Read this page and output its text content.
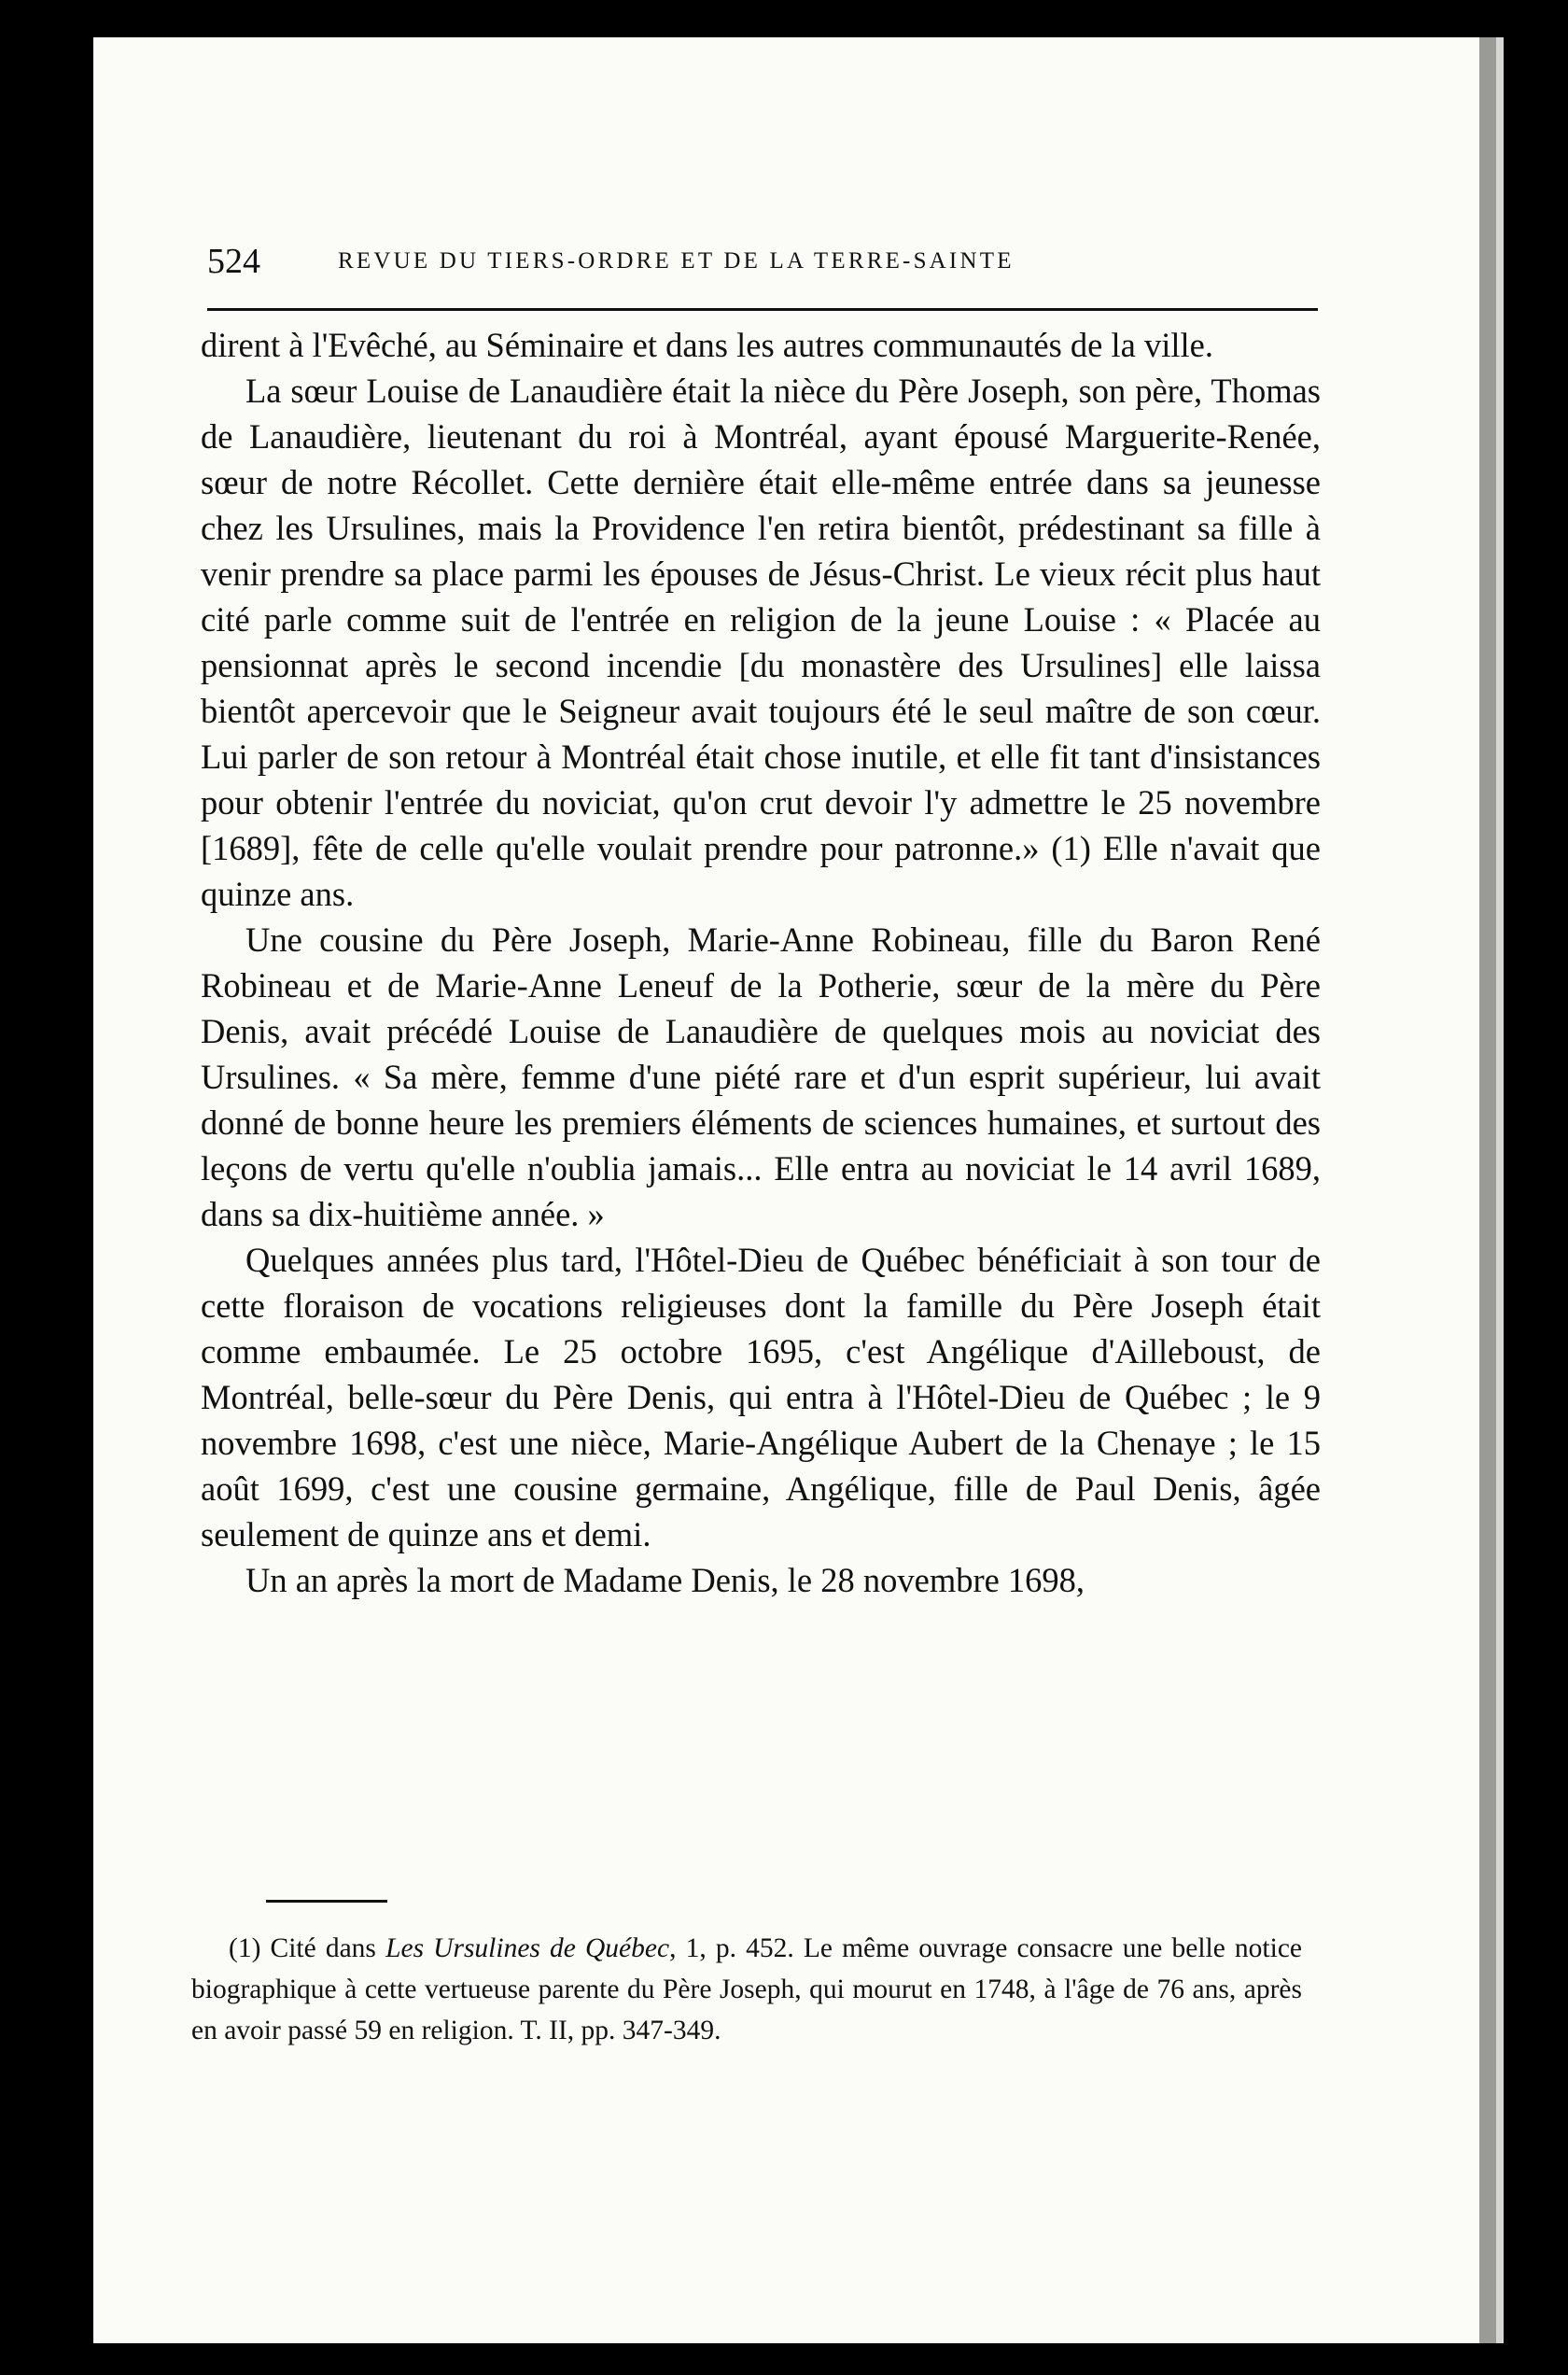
524	REVUE DU TIERS-ORDRE ET DE LA TERRE-SAINTE

dirent à l'Evêché, au Séminaire et dans les autres communautés de la ville.

La sœur Louise de Lanaudière était la nièce du Père Joseph, son père, Thomas de Lanaudière, lieutenant du roi à Montréal, ayant épousé Marguerite-Renée, sœur de notre Récollet. Cette dernière était elle-même entrée dans sa jeunesse chez les Ursulines, mais la Providence l'en retira bientôt, prédestinant sa fille à venir prendre sa place parmi les épouses de Jésus-Christ. Le vieux récit plus haut cité parle comme suit de l'entrée en religion de la jeune Louise : « Placée au pensionnat après le second incendie [du monastère des Ursulines] elle laissa bientôt apercevoir que le Seigneur avait toujours été le seul maître de son cœur. Lui parler de son retour à Montréal était chose inutile, et elle fit tant d'insistances pour obtenir l'entrée du noviciat, qu'on crut devoir l'y admettre le 25 novembre [1689], fête de celle qu'elle voulait prendre pour patronne.» (1) Elle n'avait que quinze ans.

Une cousine du Père Joseph, Marie-Anne Robineau, fille du Baron René Robineau et de Marie-Anne Leneuf de la Potherie, sœur de la mère du Père Denis, avait précédé Louise de Lanaudière de quelques mois au noviciat des Ursulines. « Sa mère, femme d'une piété rare et d'un esprit supérieur, lui avait donné de bonne heure les premiers éléments de sciences humaines, et surtout des leçons de vertu qu'elle n'oublia jamais... Elle entra au noviciat le 14 avril 1689, dans sa dix-huitième année. »

Quelques années plus tard, l'Hôtel-Dieu de Québec bénéficiait à son tour de cette floraison de vocations religieuses dont la famille du Père Joseph était comme embaumée. Le 25 octobre 1695, c'est Angélique d'Ailleboust, de Montréal, belle-sœur du Père Denis, qui entra à l'Hôtel-Dieu de Québec ; le 9 novembre 1698, c'est une nièce, Marie-Angélique Aubert de la Chenaye ; le 15 août 1699, c'est une cousine germaine, Angélique, fille de Paul Denis, âgée seulement de quinze ans et demi.

Un an après la mort de Madame Denis, le 28 novembre 1698,

(1) Cité dans Les Ursulines de Québec, 1, p. 452. Le même ouvrage consacre une belle notice biographique à cette vertueuse parente du Père Joseph, qui mourut en 1748, à l'âge de 76 ans, après en avoir passé 59 en religion. T. II, pp. 347-349.
